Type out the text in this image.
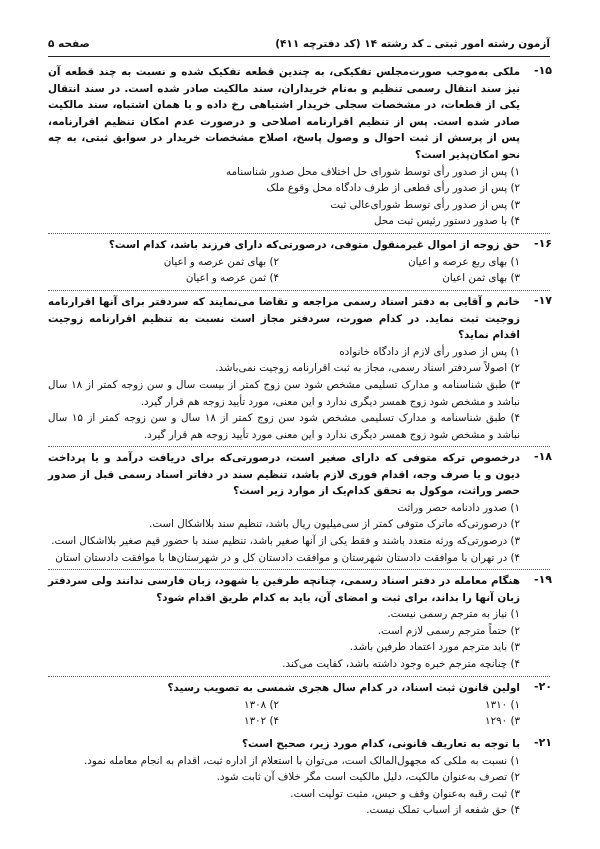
آزمون رشته امور ثبتی ـ کد رشته ۱۴ (کد دفترچه ۴۱۱)
صفحه ۵
-۱۵
ملکی به‌موجب صورت‌مجلس تفکیکی، به چندین قطعه تفکیک شده و نسبت به چند قطعه آن نیز سند انتقال رسمی تنظیم و به‌نام خریداران، سند مالکیت صادر شده است. در سند انتقال یکی از قطعات، در مشخصات سجلی خریدار اشتباهی رخ داده و با همان اشتباه، سند مالکیت صادر شده است. پس از تنظیم اقرارنامه اصلاحی و درصورت عدم امکان تنظیم اقرارنامه، پس از پرسش از ثبت احوال و وصول پاسخ، اصلاح مشخصات خریدار در سوابق ثبتی، به چه نحو امکان‌پذیر است؟
۱) پس از صدور رأی توسط شورای حل اختلاف محل صدور شناسنامه
۲) پس از صدور رأی قطعی از طرف دادگاه محل وقوع ملک
۳) پس از صدور رأی توسط شورای‌عالی ثبت
۴) با صدور دستور رئیس ثبت محل
-۱۶
حق زوجه از اموال غیرمنقول متوفی، درصورتی‌که دارای فرزند باشد، کدام است؟
۱) بهای ربع عرصه و اعیان
۲) بهای ثمن عرصه و اعیان
۳) بهای ثمن اعیان
۴) ثمن عرصه و اعیان
-۱۷
خانم و آقایی به دفتر اسناد رسمی مراجعه و تقاضا می‌نمایند که سردفتر برای آنها اقرارنامه زوجیت ثبت نماید. در کدام صورت، سردفتر مجاز است نسبت به تنظیم اقرارنامه زوجیت اقدام نماید؟
۱) پس از صدور رأی لازم از دادگاه خانواده
۲) اصولاً سردفتر اسناد رسمی، مجاز به ثبت اقرارنامه زوجیت نمی‌باشد.
۳) طبق شناسنامه و مدارک تسلیمی مشخص شود سن زوج کمتر از بیست سال و سن زوجه کمتر از ۱۸ سال نباشد و مشخص شود زوج همسر دیگری ندارد و این معنی، مورد تأیید زوجه هم قرار گیرد.
۴) طبق شناسنامه و مدارک تسلیمی مشخص شود سن زوج کمتر از ۱۸ سال و سن زوجه کمتر از ۱۵ سال نباشد و مشخص شود زوج همسر دیگری ندارد و این معنی مورد تأیید زوجه هم قرار گیرد.
-۱۸
درخصوص ترکه متوفی که دارای صغیر است، درصورتی‌که برای دریافت درآمد و یا پرداخت دیون و یا صرف وجه، اقدام فوری لازم باشد، تنظیم سند در دفاتر اسناد رسمی قبل از صدور حصر وراثت، موکول به تحقق کدام‌یک از موارد زیر است؟
۱) صدور دادنامه حصر وراثت
۲) درصورتی‌که ماترک متوفی کمتر از سی‌میلیون ریال باشد، تنظیم سند بلااشکال است.
۳) درصورتی‌که ورثه متعدد باشند و فقط یکی از آنها صغیر باشد، تنظیم سند با حضور قیم صغیر بلااشکال است.
۴) در تهران با موافقت دادستان شهرستان و موافقت دادستان کل و در شهرستان‌ها با موافقت دادستان استان
-۱۹
هنگام معامله در دفتر اسناد رسمی، چنانچه طرفین یا شهود، زبان فارسی ندانند ولی سردفتر زبان آنها را بداند، برای ثبت و امضای آن، باید به کدام طریق اقدام شود؟
۱) نیاز به مترجم رسمی نیست.
۲) حتماً مترجم رسمی لازم است.
۳) باید مترجم مورد اعتماد طرفین باشد.
۴) چنانچه مترجم خبره وجود داشته باشد، کفایت می‌کند.
-۲۰
اولین قانون ثبت اسناد، در کدام سال هجری شمسی به تصویب رسید؟
۱) ۱۳۱۰
۲) ۱۳۰۸
۳) ۱۲۹۰
۴) ۱۳۰۲
-۲۱
با توجه به تعاریف قانونی، کدام مورد زیر، صحیح است؟
۱) نسبت به ملکی که مجهول‌المالک است، می‌توان با استعلام از اداره ثبت، اقدام به انجام معامله نمود.
۲) تصرف به‌عنوان مالکیت، دلیل مالکیت است مگر خلاف آن ثابت شود.
۳) ثبت رقبه به‌عنوان وقف و حبس، مثبت تولیت است.
۴) حق شفعه از اسباب تملک نیست.
